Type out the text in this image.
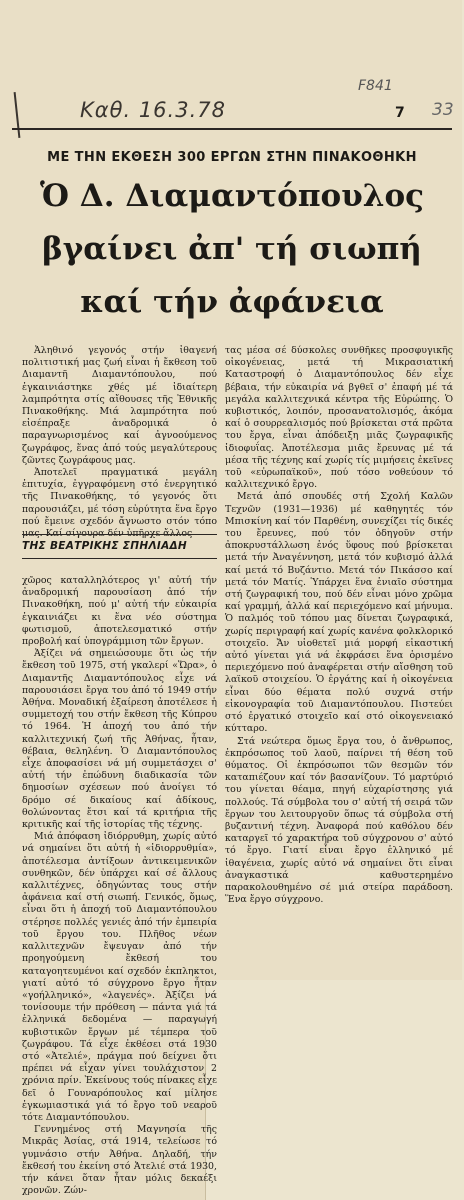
F841
Καθ. 16.3.78	7 33
ΜΕ ΤΗΝ ΕΚΘΕΣΗ 300 ΕΡΓΩΝ ΣΤΗΝ ΠΙΝΑΚΟΘΗΚΗ
Ὁ Δ. Διαμαντόπουλος
βγαίνει ἀπ' τή σιωπή
καί τήν ἀφάνεια

Ἀληθινό γεγονός στήν ἰθαγενή πολιτιστική μας ζωή εἶναι ἡ ἔκθεση τοῦ Διαμαντῆ Διαμαντόπουλου, πού ἐγκαινιάστηκε χθές μέ ἰδιαίτερη λαμπρότητα στίς αἴθουσες τῆς Ἐθνικῆς Πινακοθήκης. Μιά λαμπρότητα πού εἰσέπραξε ἀναδρομικά ὁ παραγνωρισμένος καί ἀγνοούμενος ζωγράφος, ἕνας ἀπό τούς μεγαλύτερους ζῶντες ζωγράφους μας.

Ἀποτελεῖ πραγματικά μεγάλη ἐπιτυχία, ἐγγραφόμενη στό ἐνεργητικό τῆς Πινακοθήκης, τό γεγονός ὅτι παρουσιάζει, μέ τόση εὐρύτητα ἕνα ἔργο πού ἔμεινε σχεδόν ἄγνωστο στόν τόπο

ΤΗΣ ΒΕΑΤΡΙΚΗΣ ΣΠΗΛΙΑΔΗ

χῶρος καταλληλότερος γι' αὐτή τήν ἀναδρομική παρουσίαση ἀπό τήν Πινακοθήκη, πού μ' αὐτή τήν εὐκαιρία ἐγκαινιάζει κι ἕνα νέο σύστημα φωτισμοῦ, ἀποτελεσματικό στήν προβολή καί ὑπογράμμιση τῶν ἔργων.

Ἀξίζει νά σημειώσουμε ὅτι ὡς τήν ἔκθεση τοῦ 1975, στή γκαλερί «Ὥρα», ὁ Διαμαντῆς Διαμαντόπουλος εἶχε νά παρουσιάσει ἔργα του ἀπό τό 1949 στήν Ἀθήνα. Μοναδική ἐξαίρεση ἀποτέλεσε ἡ συμμετοχή του στήν ἔκθεση τῆς Κύπρου τό 1964. Ἡ ἀποχή του ἀπό τήν καλλιτεχνική ζωή τῆς Ἀθήνας, ἦταν, θέβαια, θεληλένη. Ὁ Διαμαντόπουλος εἶχε ἀποφασίσει νά μή συμμετάσχει σ' αὐτή τήν ἐπώδυνη διαδικασία τῶν δημοσίων σχέσεων πού ἀνοίγει τό δρόμο σέ δικαίους καί ἀδίκους, θολώνοντας ἔτσι καί τά κριτήρια τῆς κριτικῆς καί τῆς ἱστορίας τῆς τέχνης.

Μιά ἀπόφαση ἰδιόρρυθμη, χωρίς αὐτό νά σημαίνει ὅτι αὐτή ἡ «ἰδιορρυθμία», ἀποτέλεσμα ἀντίξοων ἀντικειμενικῶν συνθηκῶν, δέν ὑπάρχει καί σέ ἄλλους καλλιτέχνες, ὁδηγώντας τους στήν ἀφάνεια καί στή σιωπή. Γενικός, ὅμως, εἶναι ὅτι ἡ ἀποχή τοῦ Διαμαντόπουλου στέρησε πολλές γενιές ἀπό τήν ἐμπειρία τοῦ ἔργου του. Πλῆθος νέων καλλιτεχνῶν ἔψευγαν ἀπό τήν προηγούμενη ἔκθεσή του καταγοητευμένοι καί σχεδόν ἐκπληκτοι, γιατί αὐτό τό σύγχρονο ἔργο ἦταν «γοήλληνικό», «λαγενές». Ἀξίζει νά τονίσουμε τήν πρόθεση — πάντα γιά τά ἑλληνικά δεδομένα — παραγωγή κυβιστικῶν ἔργων μέ τέμπερα τοῦ ζωγράφου. Τά εἶχε ἐκθέσει στά 1930 στό «Ἀτελιέ», πράγμα πού δείχνει ὅτι πρέπει νά εἶχαν γίνει τουλάχιστον 2 χρόνια πρίν. Ἐκείνους τούς πίνακες εἶχε δεῖ ὁ Γουναρόπουλος καί μίλησε ἐγκωμιαστικά γιά τό ἔργο τοῦ νεαροῦ τότε Διαμαντόπουλου.

Γεννημένος στή Μαγνησία τῆς Μικρᾶς Ἀσίας, στά 1914, τελείωσε τό γυμνάσιο στήν Ἀθήνα. Δηλαδή, τήν ἔκθεσή του ἐκείνη στό Ἀτελιέ στά 1930, τήν κάνει ὅταν ἦταν μόλις δεκαέξι χρονῶν. Ζών-

τας μέσα σέ δύσκολες συνθῆκες προσφυγικῆς οἰκογένειας, μετά τή Μικρασιατική Καταστροφή ὁ Διαμαντόπουλος δέν εἶχε βέβαια, τήν εὐκαιρία νά βγθεῖ σ' ἐπαφή μέ τά μεγάλα καλλιτεχνικά κέντρα τῆς Εὐρώπης. Ὁ κυβιστικός, λοιπόν, προσανατολισμός, ἀκόμα καί ὁ σουρρεαλισμός πού βρίσκεται στά πρῶτα του ἔργα, εἶναι ἀπόδειξη μιᾶς ζωγραφικῆς ἰδιοφυΐας. Ἀποτέλεσμα μιᾶς ἔρευνας μέ τά μέσα τῆς τέχνης καί χωρίς τίς μιμήσεις ἐκεῖνες τοῦ «εὐρωπαϊκοῦ», πού τόσο νοθεύουν τό καλλιτεχνικό ἔργο.

Μετά ἀπό σπουδές στή Σχολή Καλῶν Τεχνῶν (1931—1936) μέ καθηγητές τόν Μπισκίνη καί τόν Παρθένη, συνεχίζει τίς δικές του ἔρευνες, πού τόν ὁδηγοῦν στήν ἀποκρυστάλλωση ἑνός ὕφους πού βρίσκεται μετά τήν Ἀναγέννηση, μετά τόν κυβισμό ἀλλά καί μετά τό Βυζάντιο. Μετά τόν Πικάσσο καί μετά τόν Ματίς. Ὑπάρχει ἕνα ἑνιαῖο σύστημα στή ζωγραφική του, πού δέν εἶναι μόνο χρῶμα καί γραμμή, ἀλλά καί περιεχόμενο καί μήνυμα. Ὁ παλμός τοῦ τόπου μας δίνεται ζωγραφικά, χωρίς περιγραφή καί χωρίς κανένα φολκλορικό στοιχεῖο. Ἄν υἱοθετεῖ μιά μορφή εἰκαστική αὐτό γίνεται γιά νά ἐκφράσει ἕνα ὁρισμένο περιεχόμενο πού ἀναφέρεται στήν αἴσθηση τοῦ λαϊκοῦ στοιχείου. Ὁ ἐργάτης καί ἡ οἰκογένεια εἶναι δύο θέματα πολύ συχνά στήν εἰκονογραφία τοῦ Διαμαντόπουλου. Πιστεύει στό ἐργατικό στοιχεῖο καί στό οἰκογενειακό κύτταρο.

Στά νεώτερα ὅμως ἔργα του, ὁ ἄνθρωπος, ἐκπρόσωπος τοῦ λαοῦ, παίρνει τή θέση τοῦ θύματος. Οἱ ἐκπρόσωποι τῶν θεσμῶν τόν καταπιέζουν καί τόν βασανίζουν. Τό μαρτύριό του γίνεται θέαμα, πηγή εὐχαρίστησης γιά πολλούς. Τά σύμβολα του σ' αὐτή τή σειρά τῶν ἔργων του λειτουργοῦν ὅπως τά σύμβολα στή βυζαντινή τέχνη. Ἀναφορά πού καθόλου δέν καταργεῖ τό χαρακτήρα τοῦ σύγχρονου σ' αὐτό τό ἔργο. Γιατί εἶναι ἔργο ἑλληνικό μέ ἰθαγένεια, χωρίς αὐτό νά σημαίνει ὅτι εἶναι ἀναγκαστικά καθυστερημένο παρακολουθημένο σέ μιά στείρα παράδοση. Ἕνα ἔργο σύγχρονο.
